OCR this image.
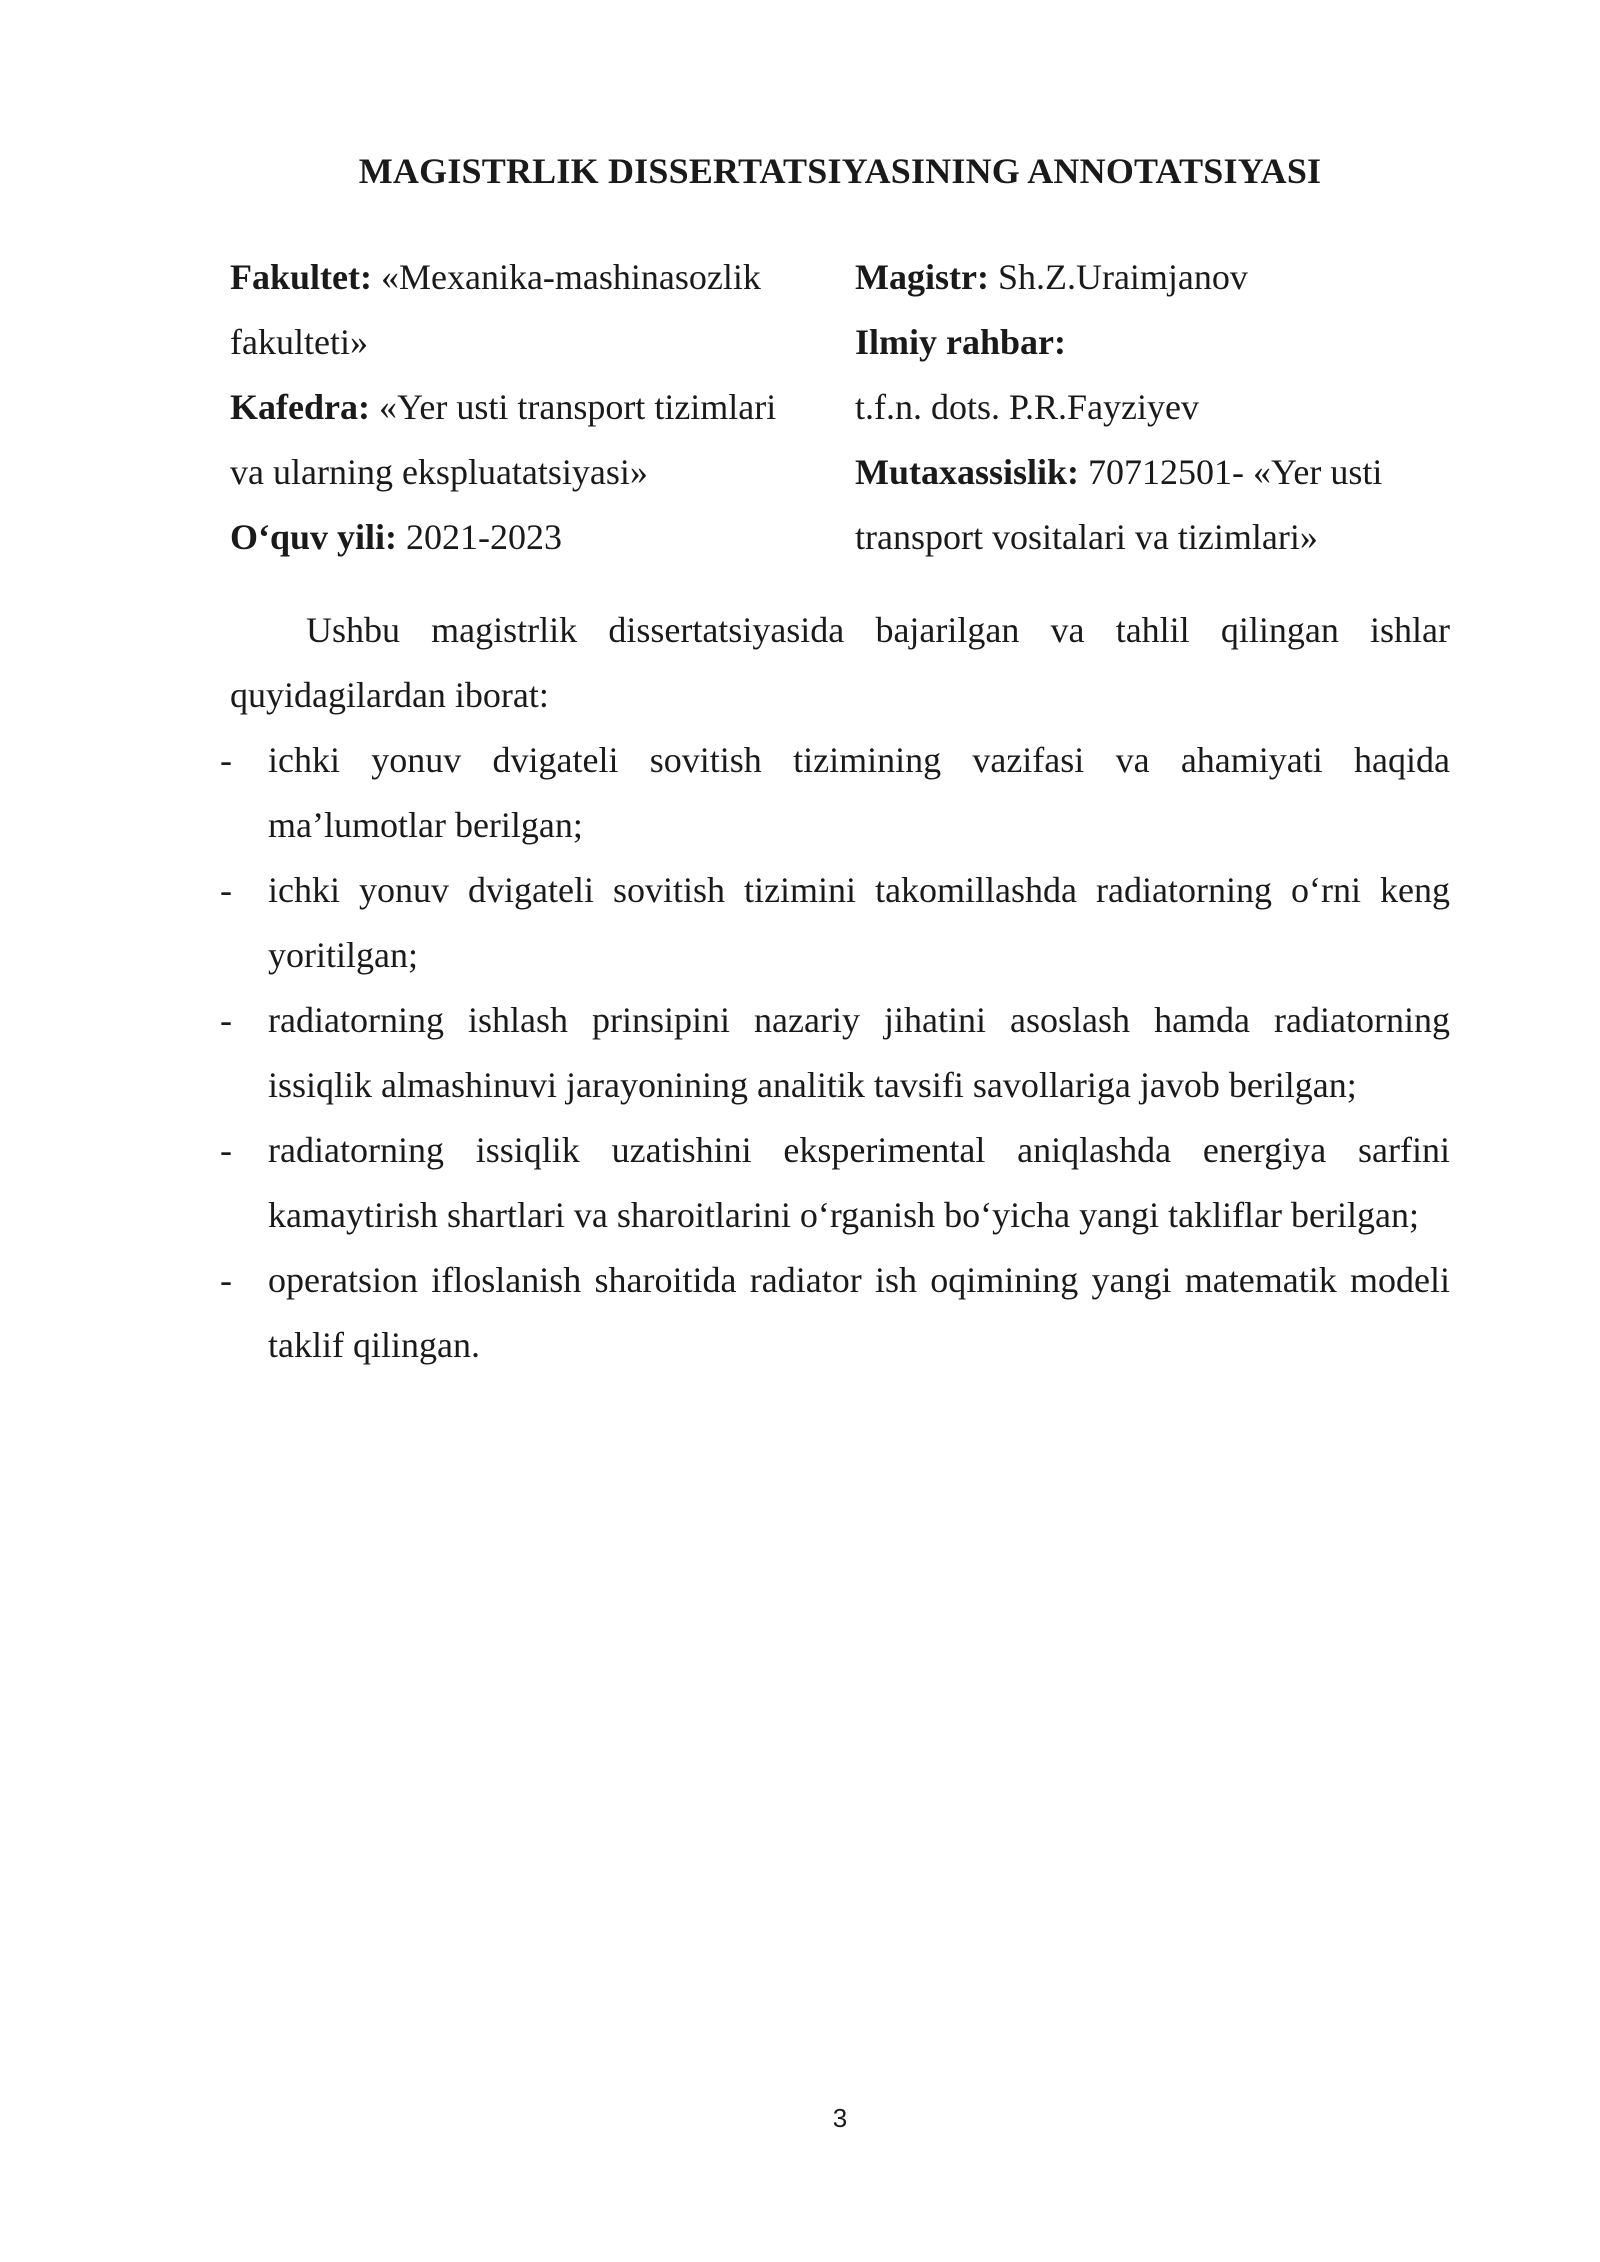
MAGISTRLIK DISSERTATSIYASINING ANNOTATSIYASI
Fakultet: «Mexanika-mashinasozlik
fakulteti»
Kafedra: «Yer usti transport tizimlari
va ularning ekspluatatsiyasi»
O‘quv yili: 2021-2023
Magistr: Sh.Z.Uraimjanov
Ilmiy rahbar:
t.f.n. dots. P.R.Fayziyev
Mutaxassislik: 70712501- «Yer usti
transport vositalari va tizimlari»

Ushbu magistrlik dissertatsiyasida bajarilgan va tahlil qilingan ishlar quyidagilardan iborat:

- ichki yonuv dvigateli sovitish tizimining vazifasi va ahamiyati haqida ma’lumotlar berilgan;
- ichki yonuv dvigateli sovitish tizimini takomillashda radiatorning o‘rni keng yoritilgan;
- radiatorning ishlash prinsipini nazariy jihatini asoslash hamda radiatorning issiqlik almashinuvi jarayonining analitik tavsifi savollariga javob berilgan;
- radiatorning issiqlik uzatishini eksperimental aniqlashda energiya sarfini kamaytirish shartlari va sharoitlarini o‘rganish bo‘yicha yangi takliflar berilgan;
- operatsion ifloslanish sharoitida radiator ish oqimining yangi matematik modeli taklif qilingan.
3
